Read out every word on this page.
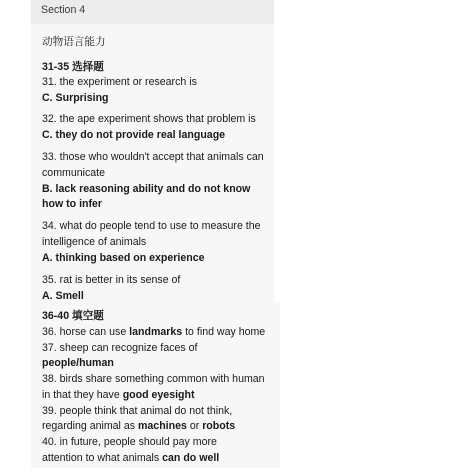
Section 4
动物语言能力
31-35 选择题
31. the experiment or research is
C. Surprising
32. the ape experiment shows that problem is
C. they do not provide real language
33. those who wouldn't accept that animals can
communicate
B. lack reasoning ability and do not know
how to infer
34. what do people tend to use to measure the
intelligence of animals
A. thinking based on experience
35. rat is better in its sense of
A. Smell
36-40 填空题
36. horse can use landmarks to find way home
37. sheep can recognize faces of
people/human
38. birds share something common with human
in that they have good eyesight
39. people think that animal do not think,
regarding animal as machines or robots
40. in future, people should pay more
attention to what animals can do well
